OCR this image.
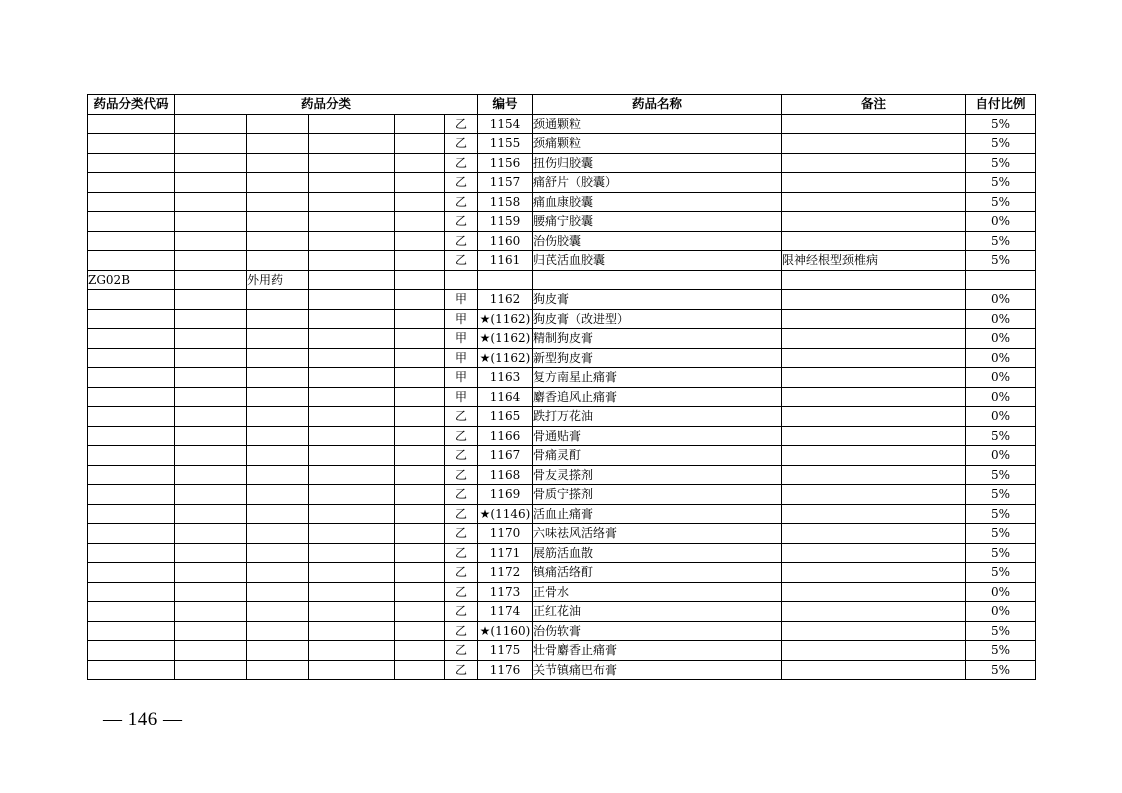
药品分类代码	药品分类					编号	药品名称	备注	自付比例
					乙	1154	颈通颗粒		5%
					乙	1155	颈痛颗粒		5%
					乙	1156	扭伤归胶囊		5%
					乙	1157	痛舒片（胶囊）		5%
					乙	1158	痛血康胶囊		5%
					乙	1159	腰痛宁胶囊		0%
					乙	1160	治伤胶囊		5%
					乙	1161	归芪活血胶囊	限神经根型颈椎病	5%
ZG02B		外用药							
					甲	1162	狗皮膏		0%
					甲	★(1162)	狗皮膏（改进型）		0%
					甲	★(1162)	精制狗皮膏		0%
					甲	★(1162)	新型狗皮膏		0%
					甲	1163	复方南星止痛膏		0%
					甲	1164	麝香追风止痛膏		0%
					乙	1165	跌打万花油		0%
					乙	1166	骨通贴膏		5%
					乙	1167	骨痛灵酊		0%
					乙	1168	骨友灵搽剂		5%
					乙	1169	骨质宁搽剂		5%
					乙	★(1146)	活血止痛膏		5%
					乙	1170	六味祛风活络膏		5%
					乙	1171	展筋活血散		5%
					乙	1172	镇痛活络酊		5%
					乙	1173	正骨水		0%
					乙	1174	正红花油		0%
					乙	★(1160)	治伤软膏		5%
					乙	1175	壮骨麝香止痛膏		5%
					乙	1176	关节镇痛巴布膏		5%
— 146 —
